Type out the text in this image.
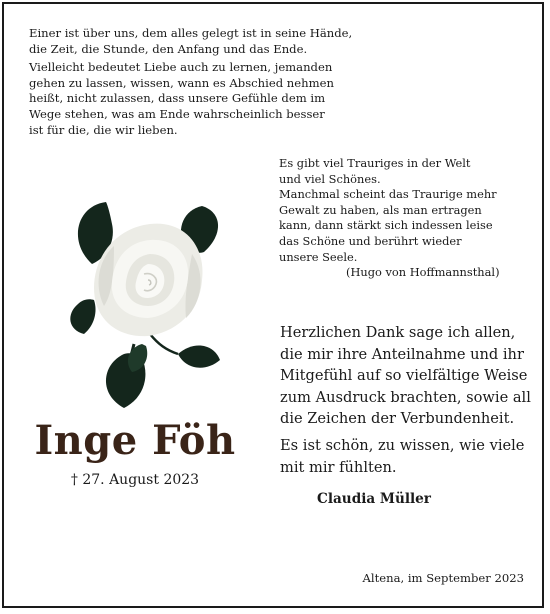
Einer ist über uns, dem alles gelegt ist in seine Hände,
die Zeit, die Stunde, den Anfang und das Ende.

Vielleicht bedeutet Liebe auch zu lernen, jemanden
gehen zu lassen, wissen, wann es Abschied nehmen
heißt, nicht zulassen, dass unsere Gefühle dem im
Wege stehen, was am Ende wahrscheinlich besser
ist für die, die wir lieben.

Es gibt viel Trauriges in der Welt
und viel Schönes.
Manchmal scheint das Traurige mehr
Gewalt zu haben, als man ertragen
kann, dann stärkt sich indessen leise
das Schöne und berührt wieder
unsere Seele.
(Hugo von Hoffmannsthal)
Inge Föh
† 27. August 2023
Herzlichen Dank sage ich allen,
die mir ihre Anteilnahme und ihr
Mitgefühl auf so vielfältige Weise
zum Ausdruck brachten, sowie all
die Zeichen der Verbundenheit.
Es ist schön, zu wissen, wie viele
mit mir fühlten.
Claudia Müller
Altena, im September 2023
